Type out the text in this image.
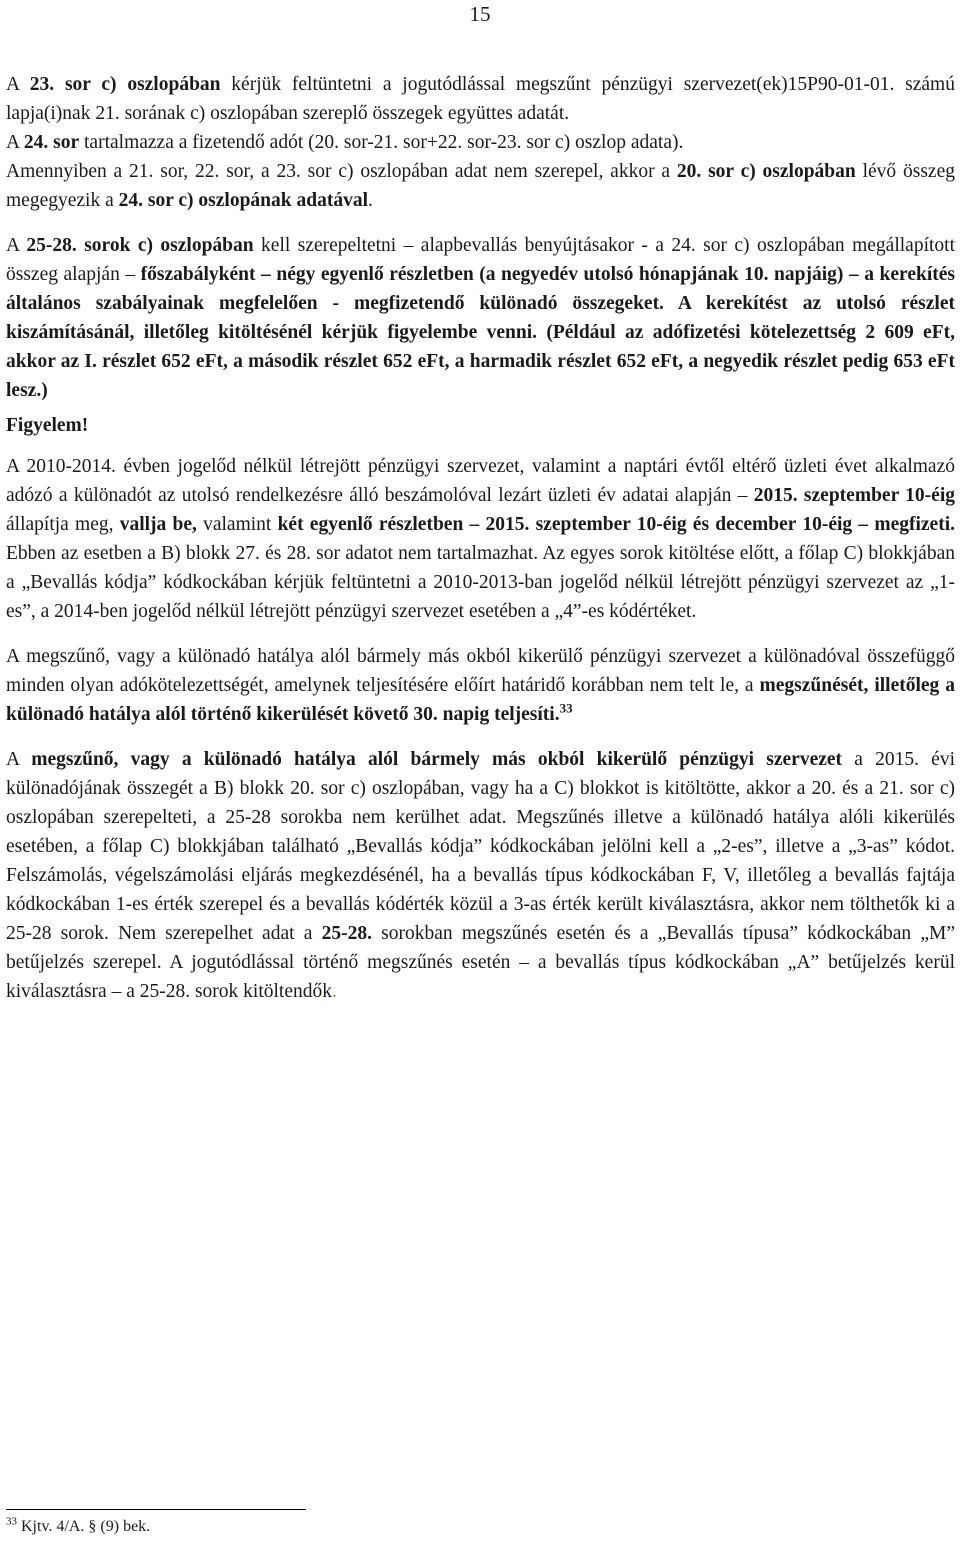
15

A 23. sor c) oszlopában kérjük feltüntetni a jogutódlással megszűnt pénzügyi szervezet(ek)15P90-01-01. számú lapja(i)nak 21. sorának c) oszlopában szereplő összegek együttes adatát.

A 24. sor tartalmazza a fizetendő adót (20. sor-21. sor+22. sor-23. sor c) oszlop adata).

Amennyiben a 21. sor, 22. sor, a 23. sor c) oszlopában adat nem szerepel, akkor a 20. sor c) oszlopában lévő összeg megegyezik a 24. sor c) oszlopának adatával.

A 25-28. sorok c) oszlopában kell szerepeltetni – alapbevallás benyújtásakor - a 24. sor c) oszlopában megállapított összeg alapján – főszabályként – négy egyenlő részletben (a negyedév utolsó hónapjának 10. napjáig) – a kerekítés általános szabályainak megfelelően - megfizetendő különadó összegeket. A kerekítést az utolsó részlet kiszámításánál, illetőleg kitöltésénél kérjük figyelembe venni. (Például az adófizetési kötelezettség 2 609 eFt, akkor az I. részlet 652 eFt, a második részlet 652 eFt, a harmadik részlet 652 eFt, a negyedik részlet pedig 653 eFt lesz.)

Figyelem!

A 2010-2014. évben jogelőd nélkül létrejött pénzügyi szervezet, valamint a naptári évtől eltérő üzleti évet alkalmazó adózó a különadót az utolsó rendelkezésre álló beszámolóval lezárt üzleti év adatai alapján – 2015. szeptember 10-éig állapítja meg, vallja be, valamint két egyenlő részletben – 2015. szeptember 10-éig és december 10-éig – megfizeti. Ebben az esetben a B) blokk 27. és 28. sor adatot nem tartalmazhat. Az egyes sorok kitöltése előtt, a főlap C) blokkjában a „Bevallás kódja” kódkockában kérjük feltüntetni a 2010-2013-ban jogelőd nélkül létrejött pénzügyi szervezet az „1-es”, a 2014-ben jogelőd nélkül létrejött pénzügyi szervezet esetében a „4”-es kódértéket.

A megszűnő, vagy a különadó hatálya alól bármely más okból kikerülő pénzügyi szervezet a különadóval összefüggő minden olyan adókötelezettségét, amelynek teljesítésére előírt határidő korábban nem telt le, a megszűnését, illetőleg a különadó hatálya alól történő kikerülését követő 30. napig teljesíti.$^{33}$

A megszűnő, vagy a különadó hatálya alól bármely más okból kikerülő pénzügyi szervezet a 2015. évi különadójának összegét a B) blokk 20. sor c) oszlopában, vagy ha a C) blokkot is kitöltötte, akkor a 20. és a 21. sor c) oszlopában szerepelteti, a 25-28 sorokba nem kerülhet adat. Megszűnés illetve a különadó hatálya alóli kikerülés esetében, a főlap C) blokkjában található „Bevallás kódja” kódkockában jelölni kell a „2-es”, illetve a „3-as” kódot. Felszámolás, végelszámolási eljárás megkezdésénél, ha a bevallás típus kódkockában F, V, illetőleg a bevallás fajtája kódkockában 1-es érték szerepel és a bevallás kódérték közül a 3-as érték került kiválasztásra, akkor nem tölthetők ki a 25-28 sorok. Nem szerepelhet adat a 25-28. sorokban megszűnés esetén és a „Bevallás típusa” kódkockában „M” betűjelzés szerepel. A jogutódlással történő megszűnés esetén – a bevallás típus kódkockában „A” betűjelzés kerül kiválasztásra – a 25-28. sorok kitöltendők.

$^{33}$ Kjtv. 4/A. § (9) bek.
